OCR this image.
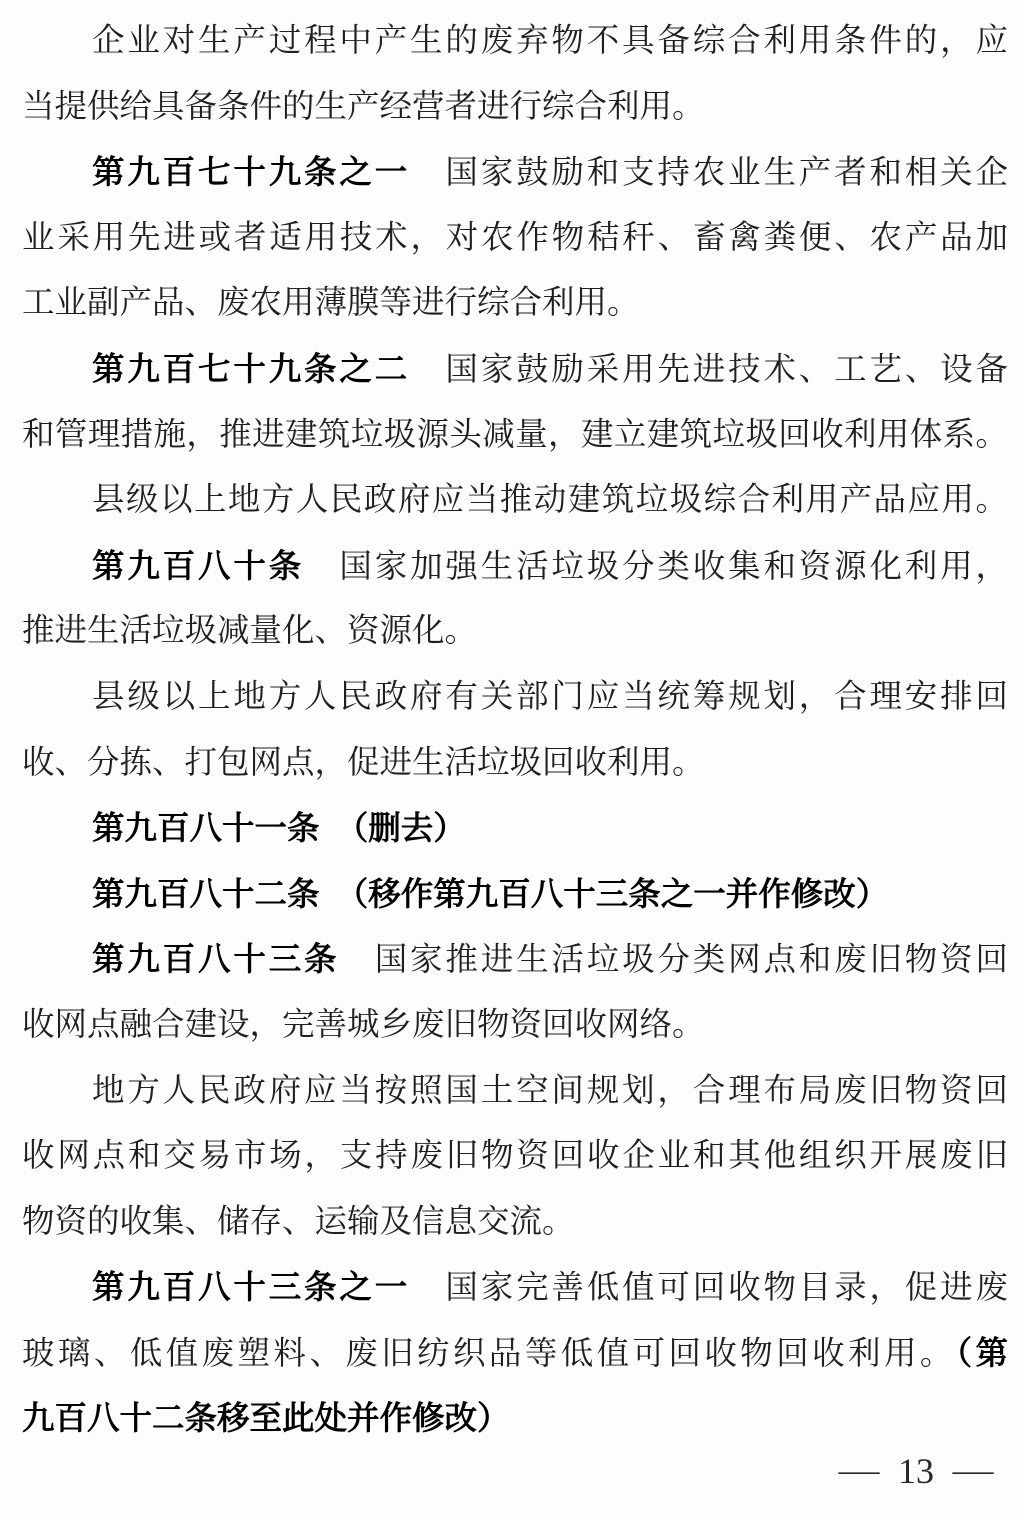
企业对生产过程中产生的废弃物不具备综合利用条件的，应
当提供给具备条件的生产经营者进行综合利用。
第九百七十九条之一　国家鼓励和支持农业生产者和相关企
业采用先进或者适用技术，对农作物秸秆、畜禽粪便、农产品加
工业副产品、废农用薄膜等进行综合利用。
第九百七十九条之二　国家鼓励采用先进技术、工艺、设备
和管理措施，推进建筑垃圾源头减量，建立建筑垃圾回收利用体系。
县级以上地方人民政府应当推动建筑垃圾综合利用产品应用。
第九百八十条　国家加强生活垃圾分类收集和资源化利用，
推进生活垃圾减量化、资源化。
县级以上地方人民政府有关部门应当统筹规划，合理安排回
收、分拣、打包网点，促进生活垃圾回收利用。
第九百八十一条　（删去）
第九百八十二条　（移作第九百八十三条之一并作修改）
第九百八十三条　国家推进生活垃圾分类网点和废旧物资回
收网点融合建设，完善城乡废旧物资回收网络。
地方人民政府应当按照国土空间规划，合理布局废旧物资回
收网点和交易市场，支持废旧物资回收企业和其他组织开展废旧
物资的收集、储存、运输及信息交流。
第九百八十三条之一　国家完善低值可回收物目录，促进废
玻璃、低值废塑料、废旧纺织品等低值可回收物回收利用。（第
九百八十二条移至此处并作修改）
— 13 —
